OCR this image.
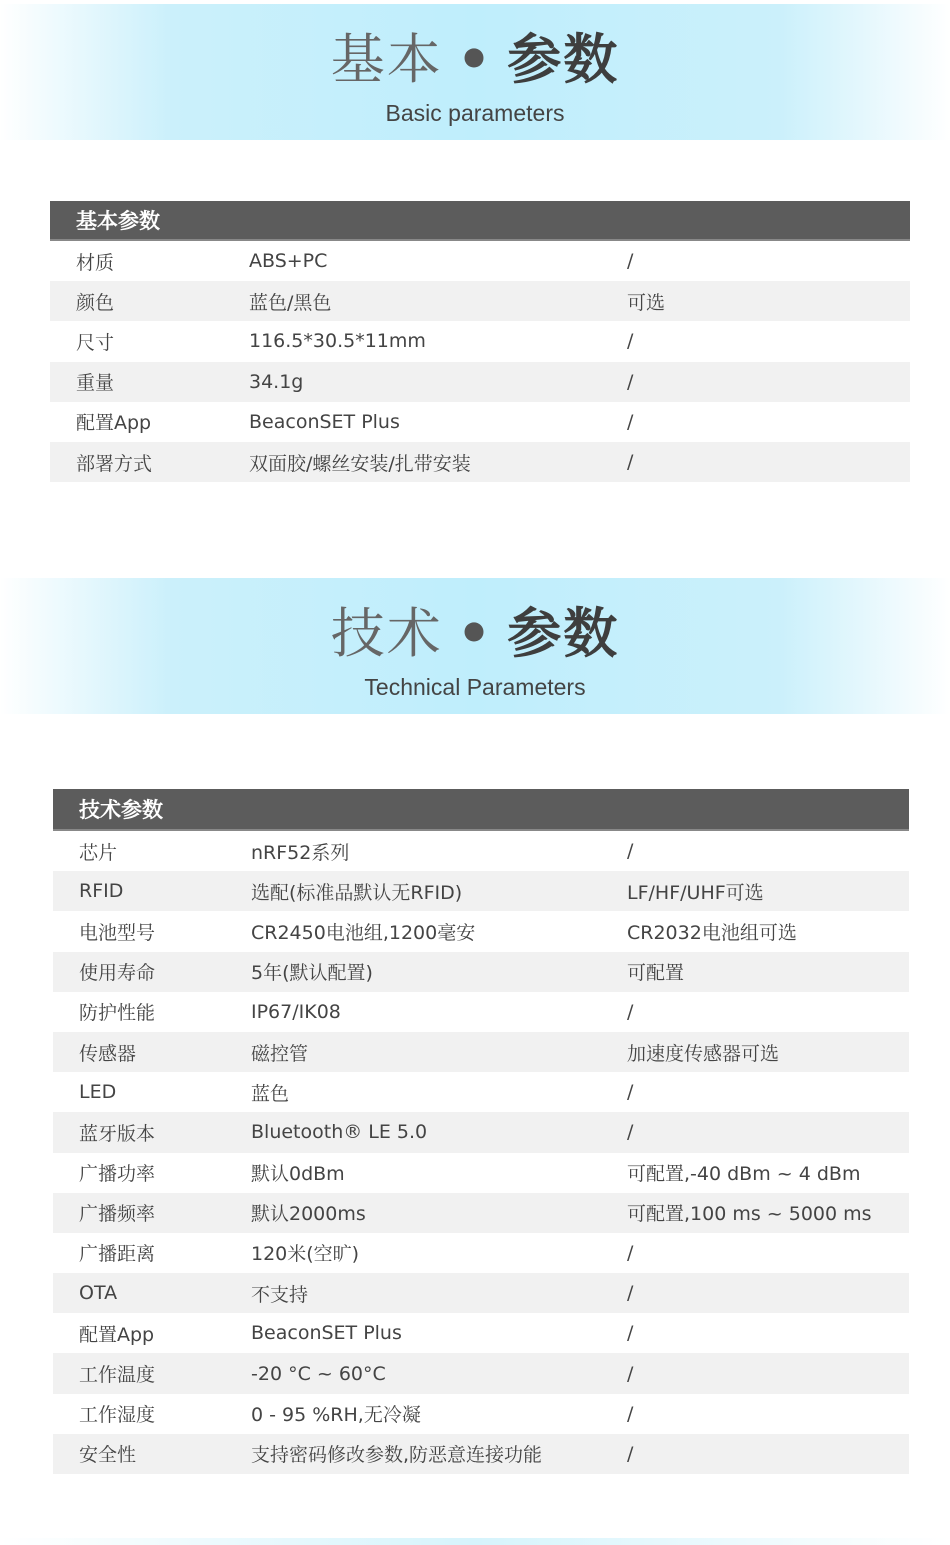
基本 • 参数
Basic parameters
基本参数
材质	ABS+PC	/
颜色	蓝色/黑色	可选
尺寸	116.5*30.5*11mm	/
重量	34.1g	/
配置App	BeaconSET Plus	/
部署方式	双面胶/螺丝安装/扎带安装	/
技术 • 参数
Technical Parameters
技术参数
芯片	nRF52系列	/
RFID	选配(标准品默认无RFID)	LF/HF/UHF可选
电池型号	CR2450电池组,1200毫安	CR2032电池组可选
使用寿命	5年(默认配置)	可配置
防护性能	IP67/IK08	/
传感器	磁控管	加速度传感器可选
LED	蓝色	/
蓝牙版本	Bluetooth® LE 5.0	/
广播功率	默认0dBm	可配置,-40 dBm ~ 4 dBm
广播频率	默认2000ms	可配置,100 ms ~ 5000 ms
广播距离	120米(空旷)	/
OTA	不支持	/
配置App	BeaconSET Plus	/
工作温度	-20 °C ~ 60°C	/
工作湿度	0 - 95 %RH,无冷凝	/
安全性	支持密码修改参数,防恶意连接功能	/
